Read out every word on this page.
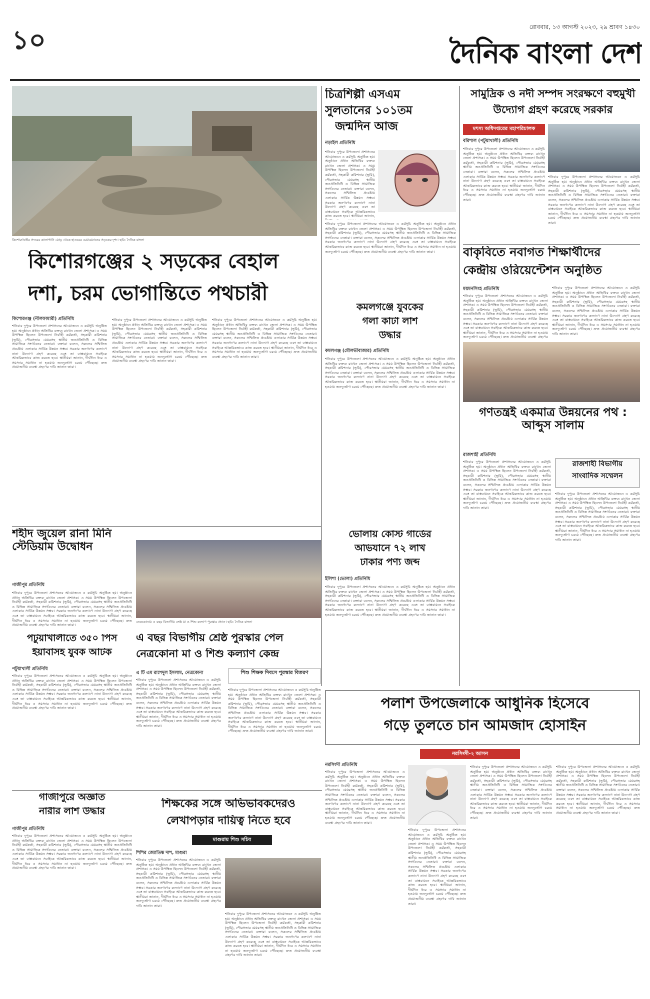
১০	রোববার, ১৩ আগস্ট ২০২৩, ২৯ শ্রাবণ ১৪৩০
দৈনিক বাংলা দেশ
কিশোরগঞ্জের সদরের কালাপানি মোড় থেকে হাওরের চেয়ারম্যানের সড়কের দৃশ্য। ছবি: দৈনিক বাংলা
কিশোরগঞ্জের ২ সড়কের বেহাল
দশা, চরম ভোগান্তিতে পথচারী
কিশোরগঞ্জ (নীলফামারী) প্রতিনিধি
শনিবার দুপুরে উপজেলা প্রশাসনের আয়োজনে এ কর্মসূচি অনুষ্ঠিত হয়। অনুষ্ঠানে প্রধান অতিথির বক্তব্য রাখেন জেলা প্রশাসক। এ সময় উপস্থিত ছিলেন উপজেলা নির্বাহী কর্মকর্তা, সহকারী কমিশনার (ভূমি), পৌরসভার মেয়রসহ স্থানীয় জনপ্রতিনিধি ও বিভিন্ন সামাজিক সংগঠনের নেতারা। বক্তারা বলেন, সকলের সম্মিলিত প্রচেষ্টায় এলাকার সার্বিক উন্নয়ন সম্ভব। সরকার জনগণের কল্যাণে নানা উদ্যোগ গ্রহণ করেছে এবং তা বাস্তবায়নে সবাইকে আন্তরিকভাবে কাজ করতে হবে। স্থানীয়রা জানান, দীর্ঘদিন ধরে এ সমস্যার সমাধান না হওয়ায় জনদুর্ভোগ চরমে পৌঁছেছে। দ্রুত প্রয়োজনীয় ব্যবস্থা গ্রহণের দাবি জানান তারা।
শনিবার দুপুরে উপজেলা প্রশাসনের আয়োজনে এ কর্মসূচি অনুষ্ঠিত হয়। অনুষ্ঠানে প্রধান অতিথির বক্তব্য রাখেন জেলা প্রশাসক। এ সময় উপস্থিত ছিলেন উপজেলা নির্বাহী কর্মকর্তা, সহকারী কমিশনার (ভূমি), পৌরসভার মেয়রসহ স্থানীয় জনপ্রতিনিধি ও বিভিন্ন সামাজিক সংগঠনের নেতারা। বক্তারা বলেন, সকলের সম্মিলিত প্রচেষ্টায় এলাকার সার্বিক উন্নয়ন সম্ভব। সরকার জনগণের কল্যাণে নানা উদ্যোগ গ্রহণ করেছে এবং তা বাস্তবায়নে সবাইকে আন্তরিকভাবে কাজ করতে হবে। স্থানীয়রা জানান, দীর্ঘদিন ধরে এ সমস্যার সমাধান না হওয়ায় জনদুর্ভোগ চরমে পৌঁছেছে। দ্রুত প্রয়োজনীয় ব্যবস্থা গ্রহণের দাবি জানান তারা।
শনিবার দুপুরে উপজেলা প্রশাসনের আয়োজনে এ কর্মসূচি অনুষ্ঠিত হয়। অনুষ্ঠানে প্রধান অতিথির বক্তব্য রাখেন জেলা প্রশাসক। এ সময় উপস্থিত ছিলেন উপজেলা নির্বাহী কর্মকর্তা, সহকারী কমিশনার (ভূমি), পৌরসভার মেয়রসহ স্থানীয় জনপ্রতিনিধি ও বিভিন্ন সামাজিক সংগঠনের নেতারা। বক্তারা বলেন, সকলের সম্মিলিত প্রচেষ্টায় এলাকার সার্বিক উন্নয়ন সম্ভব। সরকার জনগণের কল্যাণে নানা উদ্যোগ গ্রহণ করেছে এবং তা বাস্তবায়নে সবাইকে আন্তরিকভাবে কাজ করতে হবে। স্থানীয়রা জানান, দীর্ঘদিন ধরে এ সমস্যার সমাধান না হওয়ায় জনদুর্ভোগ চরমে পৌঁছেছে। দ্রুত প্রয়োজনীয় ব্যবস্থা গ্রহণের দাবি জানান তারা।
চিত্রশিল্পী এসএম
সুলতানের ১০১তম
জন্মদিন আজ
নড়াইল প্রতিনিধি
শনিবার দুপুরে উপজেলা প্রশাসনের আয়োজনে এ কর্মসূচি অনুষ্ঠিত হয়। অনুষ্ঠানে প্রধান অতিথির বক্তব্য রাখেন জেলা প্রশাসক। এ সময় উপস্থিত ছিলেন উপজেলা নির্বাহী কর্মকর্তা, সহকারী কমিশনার (ভূমি), পৌরসভার মেয়রসহ স্থানীয় জনপ্রতিনিধি ও বিভিন্ন সামাজিক সংগঠনের নেতারা। বক্তারা বলেন, সকলের সম্মিলিত প্রচেষ্টায় এলাকার সার্বিক উন্নয়ন সম্ভব। সরকার জনগণের কল্যাণে নানা উদ্যোগ গ্রহণ করেছে এবং তা বাস্তবায়নে সবাইকে আন্তরিকভাবে কাজ করতে হবে। স্থানীয়রা জানান,
শনিবার দুপুরে উপজেলা প্রশাসনের আয়োজনে এ কর্মসূচি অনুষ্ঠিত হয়। অনুষ্ঠানে প্রধান অতিথির বক্তব্য রাখেন জেলা প্রশাসক। এ সময় উপস্থিত ছিলেন উপজেলা নির্বাহী কর্মকর্তা, সহকারী কমিশনার (ভূমি), পৌরসভার মেয়রসহ স্থানীয় জনপ্রতিনিধি ও বিভিন্ন সামাজিক সংগঠনের নেতারা। বক্তারা বলেন, সকলের সম্মিলিত প্রচেষ্টায় এলাকার সার্বিক উন্নয়ন সম্ভব। সরকার জনগণের কল্যাণে নানা উদ্যোগ গ্রহণ করেছে এবং তা বাস্তবায়নে সবাইকে আন্তরিকভাবে কাজ করতে হবে। স্থানীয়রা জানান, দীর্ঘদিন ধরে এ সমস্যার সমাধান না হওয়ায় জনদুর্ভোগ চরমে পৌঁছেছে। দ্রুত প্রয়োজনীয় ব্যবস্থা গ্রহণের দাবি জানান তারা।
সামুদ্রিক ও নদী সম্পদ সংরক্ষণে বহুমুখী
উদ্যোগ গ্রহণ করেছে সরকার
মৎস্য অধিদপ্তরের মহাপরিচালক
বরিশাল (পটুয়াখালী) প্রতিনিধি
শনিবার দুপুরে উপজেলা প্রশাসনের আয়োজনে এ কর্মসূচি অনুষ্ঠিত হয়। অনুষ্ঠানে প্রধান অতিথির বক্তব্য রাখেন জেলা প্রশাসক। এ সময় উপস্থিত ছিলেন উপজেলা নির্বাহী কর্মকর্তা, সহকারী কমিশনার (ভূমি), পৌরসভার মেয়রসহ স্থানীয় জনপ্রতিনিধি ও বিভিন্ন সামাজিক সংগঠনের নেতারা। বক্তারা বলেন, সকলের সম্মিলিত প্রচেষ্টায় এলাকার সার্বিক উন্নয়ন সম্ভব। সরকার জনগণের কল্যাণে নানা উদ্যোগ গ্রহণ করেছে এবং তা বাস্তবায়নে সবাইকে আন্তরিকভাবে কাজ করতে হবে। স্থানীয়রা জানান, দীর্ঘদিন ধরে এ সমস্যার সমাধান না হওয়ায় জনদুর্ভোগ চরমে পৌঁছেছে। দ্রুত প্রয়োজনীয় ব্যবস্থা গ্রহণের দাবি জানান তারা।
শনিবার দুপুরে উপজেলা প্রশাসনের আয়োজনে এ কর্মসূচি অনুষ্ঠিত হয়। অনুষ্ঠানে প্রধান অতিথির বক্তব্য রাখেন জেলা প্রশাসক। এ সময় উপস্থিত ছিলেন উপজেলা নির্বাহী কর্মকর্তা, সহকারী কমিশনার (ভূমি), পৌরসভার মেয়রসহ স্থানীয় জনপ্রতিনিধি ও বিভিন্ন সামাজিক সংগঠনের নেতারা। বক্তারা বলেন, সকলের সম্মিলিত প্রচেষ্টায় এলাকার সার্বিক উন্নয়ন সম্ভব। সরকার জনগণের কল্যাণে নানা উদ্যোগ গ্রহণ করেছে এবং তা বাস্তবায়নে সবাইকে আন্তরিকভাবে কাজ করতে হবে। স্থানীয়রা জানান, দীর্ঘদিন ধরে এ সমস্যার সমাধান না হওয়ায় জনদুর্ভোগ চরমে পৌঁছেছে। দ্রুত প্রয়োজনীয় ব্যবস্থা গ্রহণের দাবি জানান তারা।
কমলগঞ্জে যুবকের
গলা কাটা লাশ
উদ্ধার
কমলগঞ্জ (মৌলভীবাজার) প্রতিনিধি
শনিবার দুপুরে উপজেলা প্রশাসনের আয়োজনে এ কর্মসূচি অনুষ্ঠিত হয়। অনুষ্ঠানে প্রধান অতিথির বক্তব্য রাখেন জেলা প্রশাসক। এ সময় উপস্থিত ছিলেন উপজেলা নির্বাহী কর্মকর্তা, সহকারী কমিশনার (ভূমি), পৌরসভার মেয়রসহ স্থানীয় জনপ্রতিনিধি ও বিভিন্ন সামাজিক সংগঠনের নেতারা। বক্তারা বলেন, সকলের সম্মিলিত প্রচেষ্টায় এলাকার সার্বিক উন্নয়ন সম্ভব। সরকার জনগণের কল্যাণে নানা উদ্যোগ গ্রহণ করেছে এবং তা বাস্তবায়নে সবাইকে আন্তরিকভাবে কাজ করতে হবে। স্থানীয়রা জানান, দীর্ঘদিন ধরে এ সমস্যার সমাধান না হওয়ায় জনদুর্ভোগ চরমে পৌঁছেছে। দ্রুত প্রয়োজনীয় ব্যবস্থা গ্রহণের দাবি জানান তারা।
বাকৃবিতে নবাগত শিক্ষার্থীদের
কেন্দ্রীয় ওরিয়েন্টেশন অনুষ্ঠিত
ময়মনসিংহ প্রতিনিধি
শনিবার দুপুরে উপজেলা প্রশাসনের আয়োজনে এ কর্মসূচি অনুষ্ঠিত হয়। অনুষ্ঠানে প্রধান অতিথির বক্তব্য রাখেন জেলা প্রশাসক। এ সময় উপস্থিত ছিলেন উপজেলা নির্বাহী কর্মকর্তা, সহকারী কমিশনার (ভূমি), পৌরসভার মেয়রসহ স্থানীয় জনপ্রতিনিধি ও বিভিন্ন সামাজিক সংগঠনের নেতারা। বক্তারা বলেন, সকলের সম্মিলিত প্রচেষ্টায় এলাকার সার্বিক উন্নয়ন সম্ভব। সরকার জনগণের কল্যাণে নানা উদ্যোগ গ্রহণ করেছে এবং তা বাস্তবায়নে সবাইকে আন্তরিকভাবে কাজ করতে হবে। স্থানীয়রা জানান, দীর্ঘদিন ধরে এ সমস্যার সমাধান না হওয়ায় জনদুর্ভোগ চরমে পৌঁছেছে। দ্রুত প্রয়োজনীয় ব্যবস্থা গ্রহণের
শনিবার দুপুরে উপজেলা প্রশাসনের আয়োজনে এ কর্মসূচি অনুষ্ঠিত হয়। অনুষ্ঠানে প্রধান অতিথির বক্তব্য রাখেন জেলা প্রশাসক। এ সময় উপস্থিত ছিলেন উপজেলা নির্বাহী কর্মকর্তা, সহকারী কমিশনার (ভূমি), পৌরসভার মেয়রসহ স্থানীয় জনপ্রতিনিধি ও বিভিন্ন সামাজিক সংগঠনের নেতারা। বক্তারা বলেন, সকলের সম্মিলিত প্রচেষ্টায় এলাকার সার্বিক উন্নয়ন সম্ভব। সরকার জনগণের কল্যাণে নানা উদ্যোগ গ্রহণ করেছে এবং তা বাস্তবায়নে সবাইকে আন্তরিকভাবে কাজ করতে হবে। স্থানীয়রা জানান, দীর্ঘদিন ধরে এ সমস্যার সমাধান না হওয়ায় জনদুর্ভোগ চরমে পৌঁছেছে। দ্রুত প্রয়োজনীয় ব্যবস্থা গ্রহণের দাবি জানান তারা।
শহীদ জুয়েল রানা মিনি স্টেডিয়াম উদ্বোধন
গাজীপুর প্রতিনিধি
শনিবার দুপুরে উপজেলা প্রশাসনের আয়োজনে এ কর্মসূচি অনুষ্ঠিত হয়। অনুষ্ঠানে প্রধান অতিথির বক্তব্য রাখেন জেলা প্রশাসক। এ সময় উপস্থিত ছিলেন উপজেলা নির্বাহী কর্মকর্তা, সহকারী কমিশনার (ভূমি), পৌরসভার মেয়রসহ স্থানীয় জনপ্রতিনিধি ও বিভিন্ন সামাজিক সংগঠনের নেতারা। বক্তারা বলেন, সকলের সম্মিলিত প্রচেষ্টায় এলাকার সার্বিক উন্নয়ন সম্ভব। সরকার জনগণের কল্যাণে নানা উদ্যোগ গ্রহণ করেছে এবং তা বাস্তবায়নে সবাইকে আন্তরিকভাবে কাজ করতে হবে। স্থানীয়রা জানান, দীর্ঘদিন ধরে এ সমস্যার সমাধান না হওয়ায় জনদুর্ভোগ চরমে পৌঁছেছে। দ্রুত প্রয়োজনীয় ব্যবস্থা গ্রহণের দাবি জানান তারা।
নেত্রকোনায় এ বছর বিভাগীয় শ্রেষ্ঠ মা ও শিশু কল্যাণ পুরস্কার প্রদান। ছবি: দৈনিক বাংলা
ভোলায় কোস্ট গার্ডের
অভিযানে ৭২ লাখ
টাকার পণ্য জব্দ
ইলিশা (ভোলা) প্রতিনিধি
শনিবার দুপুরে উপজেলা প্রশাসনের আয়োজনে এ কর্মসূচি অনুষ্ঠিত হয়। অনুষ্ঠানে প্রধান অতিথির বক্তব্য রাখেন জেলা প্রশাসক। এ সময় উপস্থিত ছিলেন উপজেলা নির্বাহী কর্মকর্তা, সহকারী কমিশনার (ভূমি), পৌরসভার মেয়রসহ স্থানীয় জনপ্রতিনিধি ও বিভিন্ন সামাজিক সংগঠনের নেতারা। বক্তারা বলেন, সকলের সম্মিলিত প্রচেষ্টায় এলাকার সার্বিক উন্নয়ন সম্ভব। সরকার জনগণের কল্যাণে নানা উদ্যোগ গ্রহণ করেছে এবং তা বাস্তবায়নে সবাইকে আন্তরিকভাবে কাজ করতে হবে। স্থানীয়রা জানান, দীর্ঘদিন ধরে এ সমস্যার সমাধান না হওয়ায় জনদুর্ভোগ চরমে পৌঁছেছে। দ্রুত প্রয়োজনীয় ব্যবস্থা গ্রহণের দাবি জানান তারা।
গণতন্ত্রই একমাত্র উন্নয়নের পথ : আব্দুস সালাম
রাজশাহী প্রতিনিধি
শনিবার দুপুরে উপজেলা প্রশাসনের আয়োজনে এ কর্মসূচি অনুষ্ঠিত হয়। অনুষ্ঠানে প্রধান অতিথির বক্তব্য রাখেন জেলা প্রশাসক। এ সময় উপস্থিত ছিলেন উপজেলা নির্বাহী কর্মকর্তা, সহকারী কমিশনার (ভূমি), পৌরসভার মেয়রসহ স্থানীয় জনপ্রতিনিধি ও বিভিন্ন সামাজিক সংগঠনের নেতারা। বক্তারা বলেন, সকলের সম্মিলিত প্রচেষ্টায় এলাকার সার্বিক উন্নয়ন সম্ভব। সরকার জনগণের কল্যাণে নানা উদ্যোগ গ্রহণ করেছে এবং তা বাস্তবায়নে সবাইকে আন্তরিকভাবে কাজ করতে হবে। স্থানীয়রা জানান, দীর্ঘদিন ধরে এ সমস্যার সমাধান না হওয়ায় জনদুর্ভোগ চরমে পৌঁছেছে। দ্রুত প্রয়োজনীয় ব্যবস্থা গ্রহণের দাবি জানান তারা।
রাজশাহী বিভাগীয়
সাংবাদিক সম্মেলন
শনিবার দুপুরে উপজেলা প্রশাসনের আয়োজনে এ কর্মসূচি অনুষ্ঠিত হয়। অনুষ্ঠানে প্রধান অতিথির বক্তব্য রাখেন জেলা প্রশাসক। এ সময় উপস্থিত ছিলেন উপজেলা নির্বাহী কর্মকর্তা, সহকারী কমিশনার (ভূমি), পৌরসভার মেয়রসহ স্থানীয় জনপ্রতিনিধি ও বিভিন্ন সামাজিক সংগঠনের নেতারা। বক্তারা বলেন, সকলের সম্মিলিত প্রচেষ্টায় এলাকার সার্বিক উন্নয়ন সম্ভব। সরকার জনগণের কল্যাণে নানা উদ্যোগ গ্রহণ করেছে এবং তা বাস্তবায়নে সবাইকে আন্তরিকভাবে কাজ করতে হবে। স্থানীয়রা জানান, দীর্ঘদিন ধরে এ সমস্যার সমাধান না হওয়ায় জনদুর্ভোগ চরমে পৌঁছেছে। দ্রুত প্রয়োজনীয় ব্যবস্থা গ্রহণের দাবি জানান তারা।
পটুয়াখালীতে ৩৫০ পিস
ইয়াবাসহ যুবক আটক
পটুয়াখালী প্রতিনিধি
শনিবার দুপুরে উপজেলা প্রশাসনের আয়োজনে এ কর্মসূচি অনুষ্ঠিত হয়। অনুষ্ঠানে প্রধান অতিথির বক্তব্য রাখেন জেলা প্রশাসক। এ সময় উপস্থিত ছিলেন উপজেলা নির্বাহী কর্মকর্তা, সহকারী কমিশনার (ভূমি), পৌরসভার মেয়রসহ স্থানীয় জনপ্রতিনিধি ও বিভিন্ন সামাজিক সংগঠনের নেতারা। বক্তারা বলেন, সকলের সম্মিলিত প্রচেষ্টায় এলাকার সার্বিক উন্নয়ন সম্ভব। সরকার জনগণের কল্যাণে নানা উদ্যোগ গ্রহণ করেছে এবং তা বাস্তবায়নে সবাইকে আন্তরিকভাবে কাজ করতে হবে। স্থানীয়রা জানান, দীর্ঘদিন ধরে এ সমস্যার সমাধান না হওয়ায় জনদুর্ভোগ চরমে পৌঁছেছে। দ্রুত প্রয়োজনীয় ব্যবস্থা গ্রহণের দাবি জানান তারা।
এ বছর বিভাগীয় শ্রেষ্ঠ পুরস্কার পেল
নেত্রকোনা মা ও শিশু কল্যাণ কেন্দ্র
এ টি এম রাশেদুল ইসলাম, নেত্রকোনা
শনিবার দুপুরে উপজেলা প্রশাসনের আয়োজনে এ কর্মসূচি অনুষ্ঠিত হয়। অনুষ্ঠানে প্রধান অতিথির বক্তব্য রাখেন জেলা প্রশাসক। এ সময় উপস্থিত ছিলেন উপজেলা নির্বাহী কর্মকর্তা, সহকারী কমিশনার (ভূমি), পৌরসভার মেয়রসহ স্থানীয় জনপ্রতিনিধি ও বিভিন্ন সামাজিক সংগঠনের নেতারা। বক্তারা বলেন, সকলের সম্মিলিত প্রচেষ্টায় এলাকার সার্বিক উন্নয়ন সম্ভব। সরকার জনগণের কল্যাণে নানা উদ্যোগ গ্রহণ করেছে এবং তা বাস্তবায়নে সবাইকে আন্তরিকভাবে কাজ করতে হবে। স্থানীয়রা জানান, দীর্ঘদিন ধরে এ সমস্যার সমাধান না হওয়ায় জনদুর্ভোগ চরমে পৌঁছেছে। দ্রুত প্রয়োজনীয় ব্যবস্থা গ্রহণের দাবি জানান তারা।
শিশু শিক্ষক দিবসে পুরস্কার বিতরণ
শনিবার দুপুরে উপজেলা প্রশাসনের আয়োজনে এ কর্মসূচি অনুষ্ঠিত হয়। অনুষ্ঠানে প্রধান অতিথির বক্তব্য রাখেন জেলা প্রশাসক। এ সময় উপস্থিত ছিলেন উপজেলা নির্বাহী কর্মকর্তা, সহকারী কমিশনার (ভূমি), পৌরসভার মেয়রসহ স্থানীয় জনপ্রতিনিধি ও বিভিন্ন সামাজিক সংগঠনের নেতারা। বক্তারা বলেন, সকলের সম্মিলিত প্রচেষ্টায় এলাকার সার্বিক উন্নয়ন সম্ভব। সরকার জনগণের কল্যাণে নানা উদ্যোগ গ্রহণ করেছে এবং তা বাস্তবায়নে সবাইকে আন্তরিকভাবে কাজ করতে হবে। স্থানীয়রা জানান, দীর্ঘদিন ধরে এ সমস্যার সমাধান না হওয়ায় জনদুর্ভোগ চরমে পৌঁছেছে। দ্রুত প্রয়োজনীয় ব্যবস্থা গ্রহণের দাবি জানান তারা।
পলাশ উপজেলাকে আধুনিক হিসেবে
গড়ে তুলতে চান আমজাদ হোসাইন
নরসিংদী-২ আসন
নরসিংদী প্রতিনিধি
শনিবার দুপুরে উপজেলা প্রশাসনের আয়োজনে এ কর্মসূচি অনুষ্ঠিত হয়। অনুষ্ঠানে প্রধান অতিথির বক্তব্য রাখেন জেলা প্রশাসক। এ সময় উপস্থিত ছিলেন উপজেলা নির্বাহী কর্মকর্তা, সহকারী কমিশনার (ভূমি), পৌরসভার মেয়রসহ স্থানীয় জনপ্রতিনিধি ও বিভিন্ন সামাজিক সংগঠনের নেতারা। বক্তারা বলেন, সকলের সম্মিলিত প্রচেষ্টায় এলাকার সার্বিক উন্নয়ন সম্ভব। সরকার জনগণের কল্যাণে নানা উদ্যোগ গ্রহণ করেছে এবং তা বাস্তবায়নে সবাইকে আন্তরিকভাবে কাজ করতে হবে। স্থানীয়রা জানান, দীর্ঘদিন ধরে এ সমস্যার সমাধান না হওয়ায় জনদুর্ভোগ চরমে পৌঁছেছে। দ্রুত প্রয়োজনীয় ব্যবস্থা গ্রহণের দাবি জানান তারা।
শনিবার দুপুরে উপজেলা প্রশাসনের আয়োজনে এ কর্মসূচি অনুষ্ঠিত হয়। অনুষ্ঠানে প্রধান অতিথির বক্তব্য রাখেন জেলা প্রশাসক। এ সময় উপস্থিত ছিলেন উপজেলা নির্বাহী কর্মকর্তা, সহকারী কমিশনার (ভূমি), পৌরসভার মেয়রসহ স্থানীয় জনপ্রতিনিধি ও বিভিন্ন সামাজিক সংগঠনের নেতারা। বক্তারা বলেন, সকলের সম্মিলিত প্রচেষ্টায় এলাকার সার্বিক উন্নয়ন সম্ভব। সরকার জনগণের কল্যাণে নানা উদ্যোগ গ্রহণ করেছে এবং তা বাস্তবায়নে সবাইকে আন্তরিকভাবে কাজ করতে হবে। স্থানীয়রা জানান, দীর্ঘদিন ধরে এ সমস্যার সমাধান না হওয়ায় জনদুর্ভোগ চরমে পৌঁছেছে। দ্রুত প্রয়োজনীয় ব্যবস্থা গ্রহণের দাবি জানান তারা।
শনিবার দুপুরে উপজেলা প্রশাসনের আয়োজনে এ কর্মসূচি অনুষ্ঠিত হয়। অনুষ্ঠানে প্রধান অতিথির বক্তব্য রাখেন জেলা প্রশাসক। এ সময় উপস্থিত ছিলেন উপজেলা নির্বাহী কর্মকর্তা, সহকারী কমিশনার (ভূমি), পৌরসভার মেয়রসহ স্থানীয় জনপ্রতিনিধি ও বিভিন্ন সামাজিক সংগঠনের নেতারা। বক্তারা বলেন, সকলের সম্মিলিত প্রচেষ্টায় এলাকার সার্বিক উন্নয়ন সম্ভব। সরকার জনগণের কল্যাণে নানা উদ্যোগ গ্রহণ করেছে এবং তা বাস্তবায়নে সবাইকে আন্তরিকভাবে কাজ করতে হবে। স্থানীয়রা জানান, দীর্ঘদিন ধরে এ সমস্যার সমাধান না হওয়ায় জনদুর্ভোগ চরমে পৌঁছেছে। দ্রুত প্রয়োজনীয় ব্যবস্থা গ্রহণের দাবি জানান তারা।
শনিবার দুপুরে উপজেলা প্রশাসনের আয়োজনে এ কর্মসূচি অনুষ্ঠিত হয়। অনুষ্ঠানে প্রধান অতিথির বক্তব্য রাখেন জেলা প্রশাসক। এ সময় উপস্থিত ছিলেন উপজেলা নির্বাহী কর্মকর্তা, সহকারী কমিশনার (ভূমি), পৌরসভার মেয়রসহ স্থানীয় জনপ্রতিনিধি ও বিভিন্ন সামাজিক সংগঠনের নেতারা। বক্তারা বলেন, সকলের সম্মিলিত প্রচেষ্টায় এলাকার সার্বিক উন্নয়ন সম্ভব। সরকার জনগণের কল্যাণে নানা উদ্যোগ গ্রহণ করেছে এবং তা বাস্তবায়নে সবাইকে আন্তরিকভাবে কাজ করতে হবে। স্থানীয়রা জানান, দীর্ঘদিন ধরে এ সমস্যার সমাধান না হওয়ায় জনদুর্ভোগ চরমে পৌঁছেছে। দ্রুত প্রয়োজনীয় ব্যবস্থা গ্রহণের দাবি জানান তারা।
গাজীপুরে অজ্ঞাত
নারীর লাশ উদ্ধার
গাজীপুর প্রতিনিধি
শনিবার দুপুরে উপজেলা প্রশাসনের আয়োজনে এ কর্মসূচি অনুষ্ঠিত হয়। অনুষ্ঠানে প্রধান অতিথির বক্তব্য রাখেন জেলা প্রশাসক। এ সময় উপস্থিত ছিলেন উপজেলা নির্বাহী কর্মকর্তা, সহকারী কমিশনার (ভূমি), পৌরসভার মেয়রসহ স্থানীয় জনপ্রতিনিধি ও বিভিন্ন সামাজিক সংগঠনের নেতারা। বক্তারা বলেন, সকলের সম্মিলিত প্রচেষ্টায় এলাকার সার্বিক উন্নয়ন সম্ভব। সরকার জনগণের কল্যাণে নানা উদ্যোগ গ্রহণ করেছে এবং তা বাস্তবায়নে সবাইকে আন্তরিকভাবে কাজ করতে হবে। স্থানীয়রা জানান, দীর্ঘদিন ধরে এ সমস্যার সমাধান না হওয়ায় জনদুর্ভোগ চরমে পৌঁছেছে। দ্রুত প্রয়োজনীয় ব্যবস্থা গ্রহণের দাবি জানান তারা।
শিক্ষকের সঙ্গে অভিভাবকদেরও
লেখাপড়ার দায়িত্ব নিতে হবে
মাগুরায় শিশু সচিব
শিশির জ্যোতিষ্ক দাশ, মাগুরা
শনিবার দুপুরে উপজেলা প্রশাসনের আয়োজনে এ কর্মসূচি অনুষ্ঠিত হয়। অনুষ্ঠানে প্রধান অতিথির বক্তব্য রাখেন জেলা প্রশাসক। এ সময় উপস্থিত ছিলেন উপজেলা নির্বাহী কর্মকর্তা, সহকারী কমিশনার (ভূমি), পৌরসভার মেয়রসহ স্থানীয় জনপ্রতিনিধি ও বিভিন্ন সামাজিক সংগঠনের নেতারা। বক্তারা বলেন, সকলের সম্মিলিত প্রচেষ্টায় এলাকার সার্বিক উন্নয়ন সম্ভব। সরকার জনগণের কল্যাণে নানা উদ্যোগ গ্রহণ করেছে এবং তা বাস্তবায়নে সবাইকে আন্তরিকভাবে কাজ করতে হবে। স্থানীয়রা জানান, দীর্ঘদিন ধরে এ সমস্যার সমাধান না হওয়ায় জনদুর্ভোগ চরমে পৌঁছেছে। দ্রুত প্রয়োজনীয় ব্যবস্থা গ্রহণের দাবি জানান তারা।
শনিবার দুপুরে উপজেলা প্রশাসনের আয়োজনে এ কর্মসূচি অনুষ্ঠিত হয়। অনুষ্ঠানে প্রধান অতিথির বক্তব্য রাখেন জেলা প্রশাসক। এ সময় উপস্থিত ছিলেন উপজেলা নির্বাহী কর্মকর্তা, সহকারী কমিশনার (ভূমি), পৌরসভার মেয়রসহ স্থানীয় জনপ্রতিনিধি ও বিভিন্ন সামাজিক সংগঠনের নেতারা। বক্তারা বলেন, সকলের সম্মিলিত প্রচেষ্টায় এলাকার সার্বিক উন্নয়ন সম্ভব। সরকার জনগণের কল্যাণে নানা উদ্যোগ গ্রহণ করেছে এবং তা বাস্তবায়নে সবাইকে আন্তরিকভাবে কাজ করতে হবে। স্থানীয়রা জানান, দীর্ঘদিন ধরে এ সমস্যার সমাধান না হওয়ায় জনদুর্ভোগ চরমে পৌঁছেছে। দ্রুত প্রয়োজনীয় ব্যবস্থা গ্রহণের দাবি জানান তারা।
